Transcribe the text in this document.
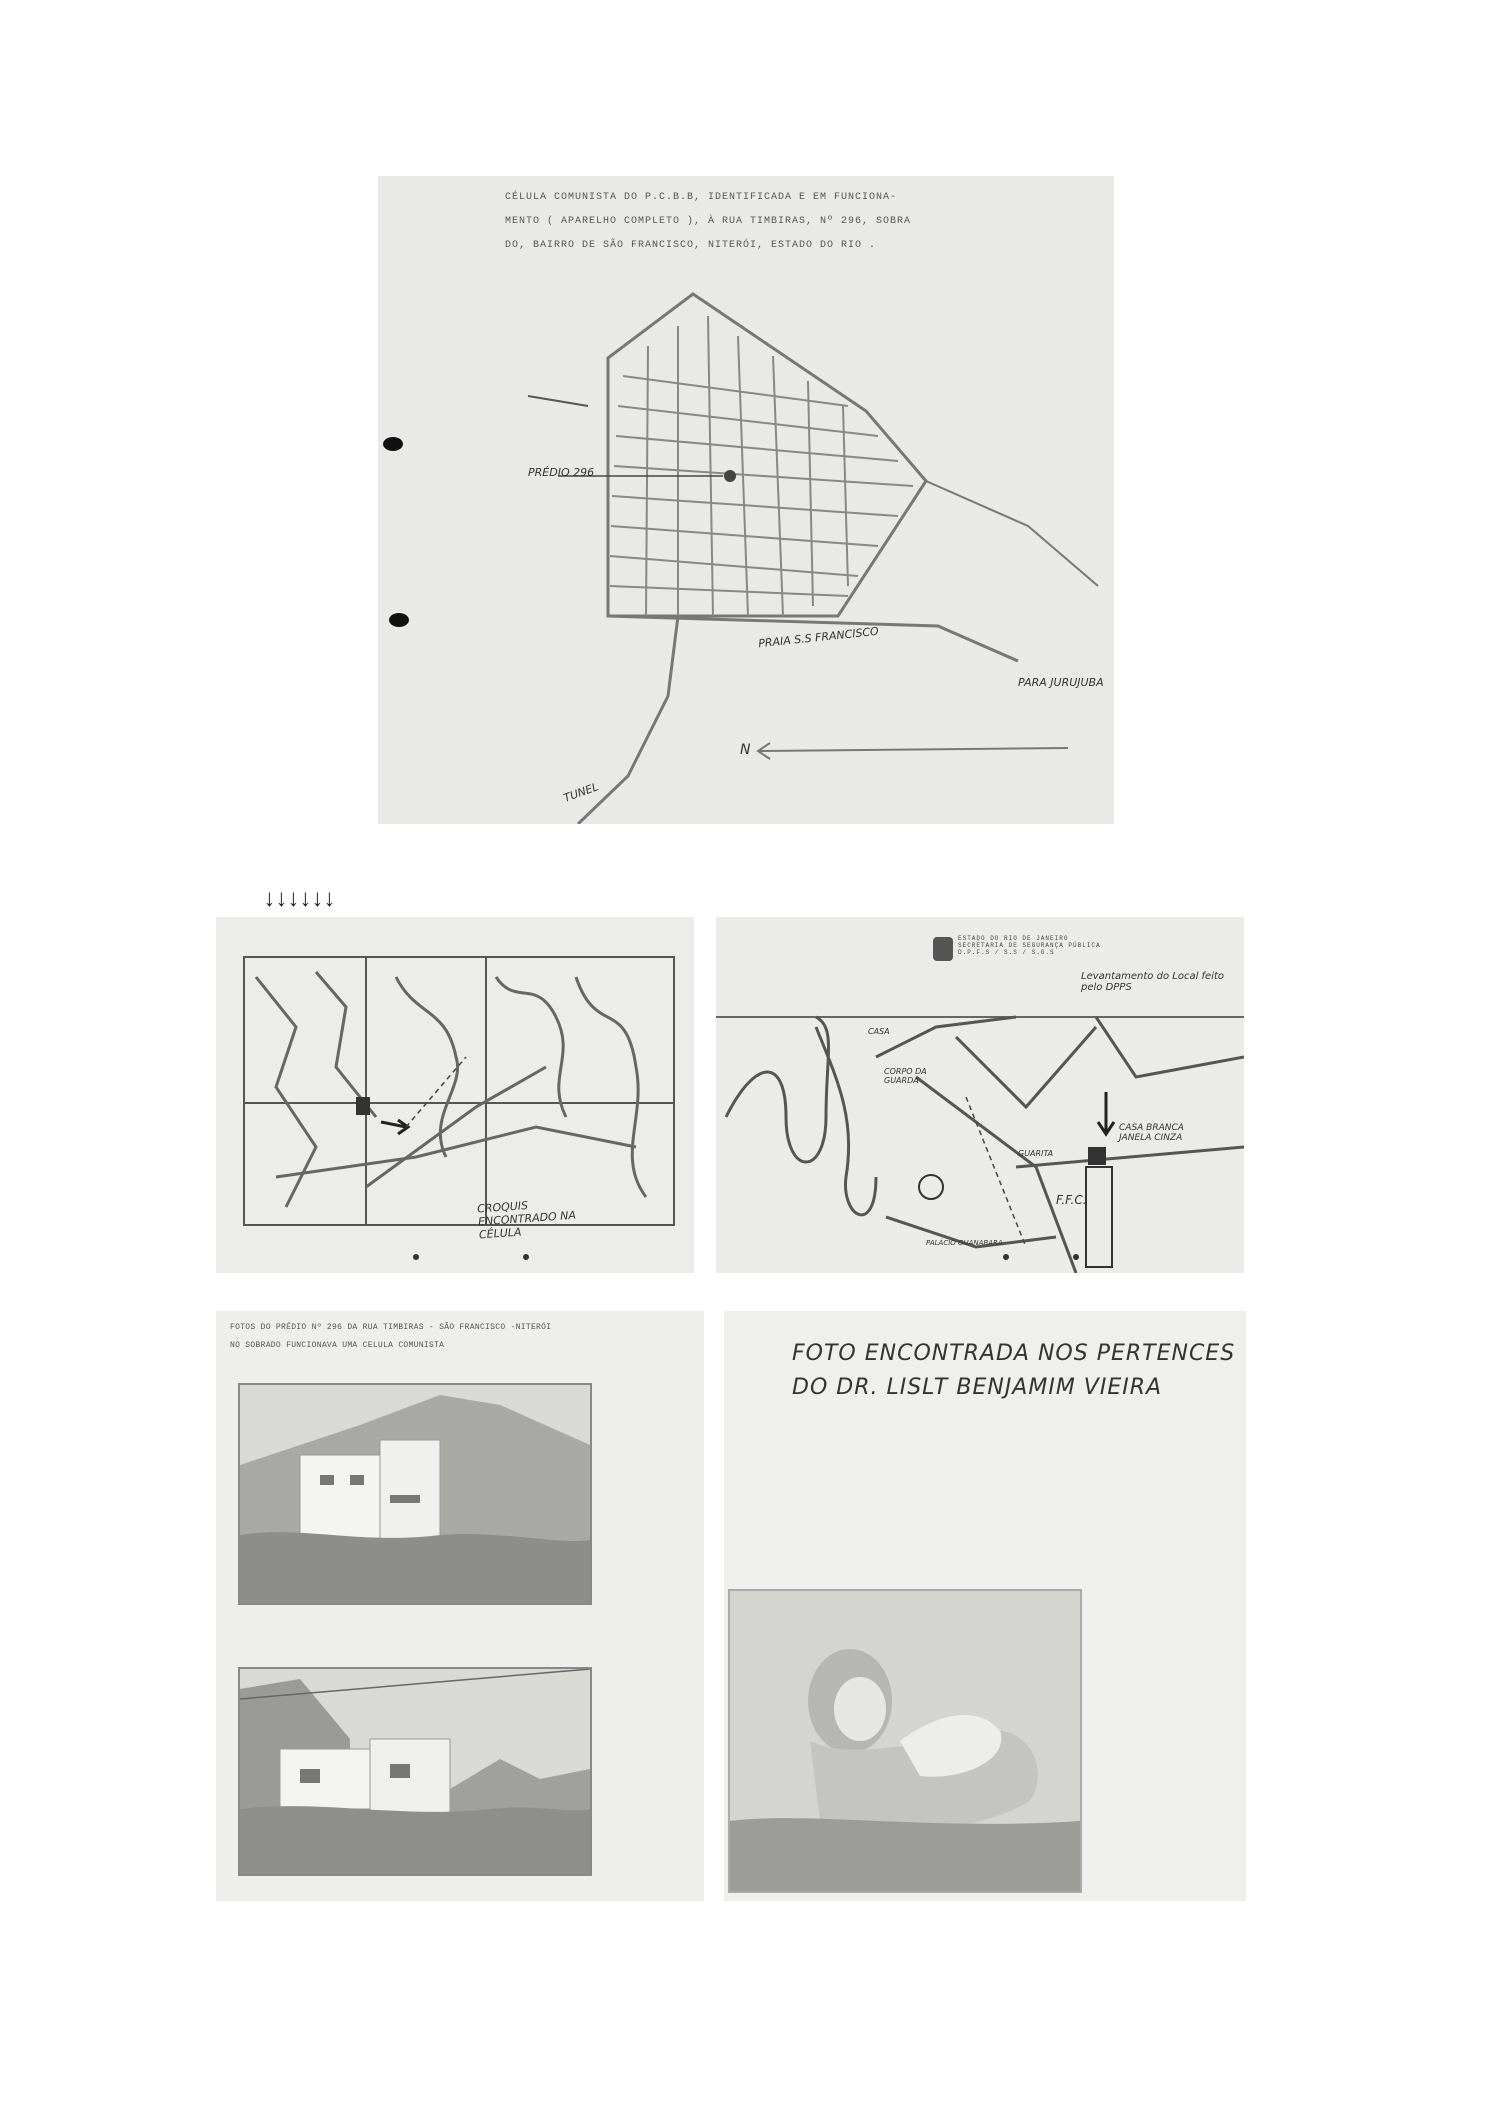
CÉLULA COMUNISTA DO P.C.B.B, IDENTIFICADA E EM FUNCIONA-
MENTO ( APARELHO COMPLETO ), À RUA TIMBIRAS, Nº 296, SOBRA
DO, BAIRRO DE SÃO FRANCISCO, NITERÓI, ESTADO DO RIO .
PRÉDIO 296
PRAIA S.S FRANCISCO
PARA JURUJUBA
TUNEL
N

↓↓↓↓↓↓

CROQUIS ENCONTRADO NA CÉLULA
ESTADO DO RIO DE JANEIRO
SECRETARIA DE SEGURANÇA PÚBLICA
D.P.F.S / S.S / S.G.S
Levantamento do Local feito pelo DPPS
CASA BRANCA JANELA CINZA
CORPO DA GUARDA
GUARITA
F.F.C.
PALÁCIO GUANABARA
CASA
FOTOS DO PRÉDIO Nº 296 DA RUA TIMBIRAS - SÃO FRANCISCO -NITERÓI
NO SOBRADO FUNCIONAVA UMA CELULA COMUNISTA	FOTO ENCONTRADA NOS PERTENCES
DO DR. LISLT BENJAMIM VIEIRA
